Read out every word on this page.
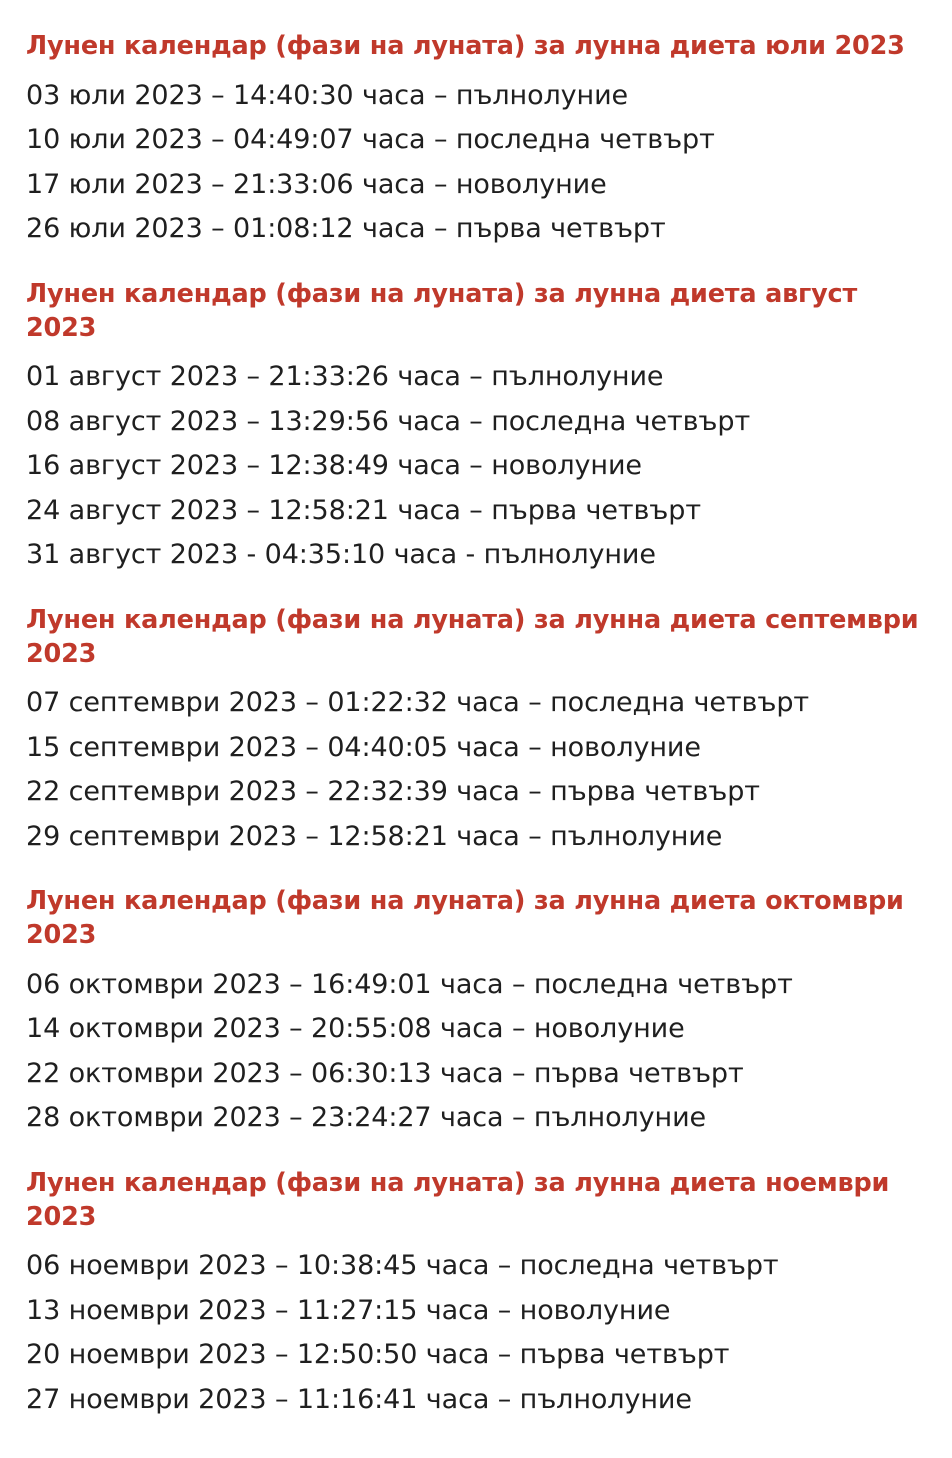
Лунен календар (фази на луната) за лунна диета юли 2023
03 юли 2023 – 14:40:30 часа – пълнолуние
10 юли 2023 – 04:49:07 часа – последна четвърт
17 юли 2023 – 21:33:06 часа – новолуние
26 юли 2023 – 01:08:12 часа – първа четвърт
Лунен календар (фази на луната) за лунна диета август 2023
01 август 2023 – 21:33:26 часа – пълнолуние
08 август 2023 – 13:29:56 часа – последна четвърт
16 август 2023 – 12:38:49 часа – новолуние
24 август 2023 – 12:58:21 часа – първа четвърт
31 август 2023 - 04:35:10 часа - пълнолуние
Лунен календар (фази на луната) за лунна диета септември 2023
07 септември 2023 – 01:22:32 часа – последна четвърт
15 септември 2023 – 04:40:05 часа – новолуние
22 септември 2023 – 22:32:39 часа – първа четвърт
29 септември 2023 – 12:58:21 часа – пълнолуние
Лунен календар (фази на луната) за лунна диета октомври 2023
06 октомври 2023 – 16:49:01 часа – последна четвърт
14 октомври 2023 – 20:55:08 часа – новолуние
22 октомври 2023 – 06:30:13 часа – първа четвърт
28 октомври 2023 – 23:24:27 часа – пълнолуние
Лунен календар (фази на луната) за лунна диета ноември 2023
06 ноември 2023 – 10:38:45 часа – последна четвърт
13 ноември 2023 – 11:27:15 часа – новолуние
20 ноември 2023 – 12:50:50 часа – първа четвърт
27 ноември 2023 – 11:16:41 часа – пълнолуние
